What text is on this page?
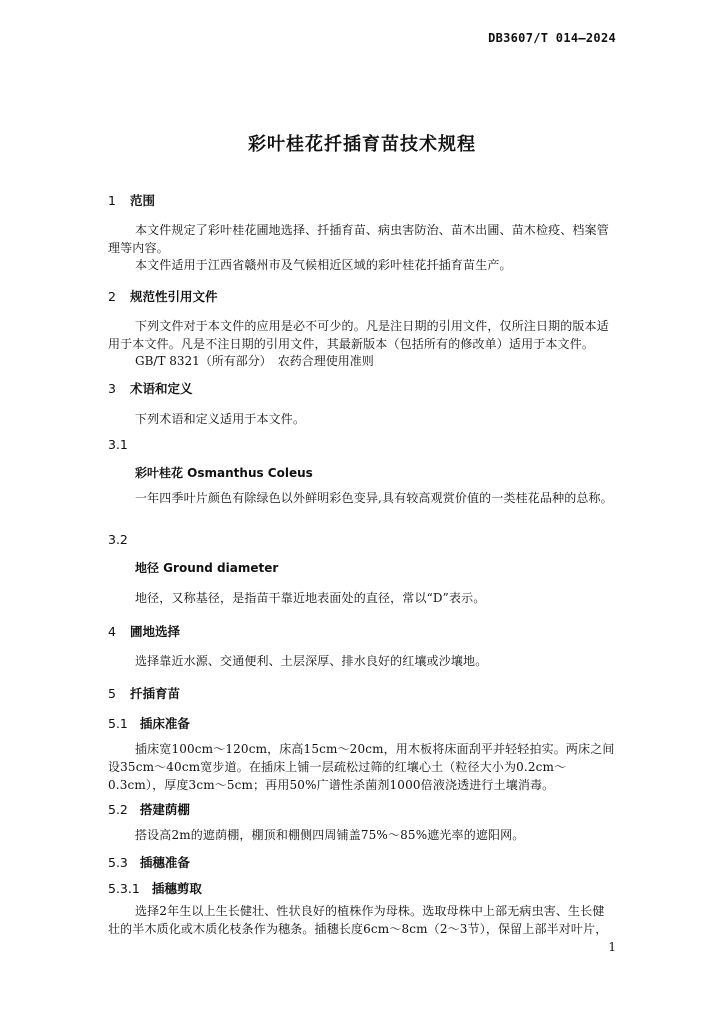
DB3607/T 014—2024
彩叶桂花扦插育苗技术规程
1 范围
本文件规定了彩叶桂花圃地选择、扦插育苗、病虫害防治、苗木出圃、苗木检疫、档案管理等内容。
本文件适用于江西省赣州市及气候相近区域的彩叶桂花扦插育苗生产。
2 规范性引用文件
下列文件对于本文件的应用是必不可少的。凡是注日期的引用文件，仅所注日期的版本适用于本文件。凡是不注日期的引用文件，其最新版本（包括所有的修改单）适用于本文件。
GB/T 8321（所有部分）　农药合理使用准则
3 术语和定义
下列术语和定义适用于本文件。
3.1
彩叶桂花 Osmanthus Coleus
一年四季叶片颜色有除绿色以外鲜明彩色变异,具有较高观赏价值的一类桂花品种的总称。
3.2
地径 Ground diameter
地径，又称基径，是指苗干靠近地表面处的直径，常以“D”表示。
4 圃地选择
选择靠近水源、交通便利、土层深厚、排水良好的红壤或沙壤地。
5 扦插育苗
5.1 插床准备
插床宽100cm～120cm，床高15cm～20cm，用木板将床面刮平并轻轻拍实。两床之间设35cm～40cm宽步道。在插床上铺一层疏松过筛的红壤心土（粒径大小为0.2cm～0.3cm），厚度3cm～5cm；再用50%广谱性杀菌剂1000倍液浇透进行土壤消毒。
5.2 搭建荫棚
搭设高2m的遮荫棚，棚顶和棚侧四周铺盖75%～85%遮光率的遮阳网。
5.3 插穗准备
5.3.1 插穗剪取
选择2年生以上生长健壮、性状良好的植株作为母株。选取母株中上部无病虫害、生长健壮的半木质化或木质化枝条作为穗条。插穗长度6cm～8cm（2～3节），保留上部半对叶片，
1
